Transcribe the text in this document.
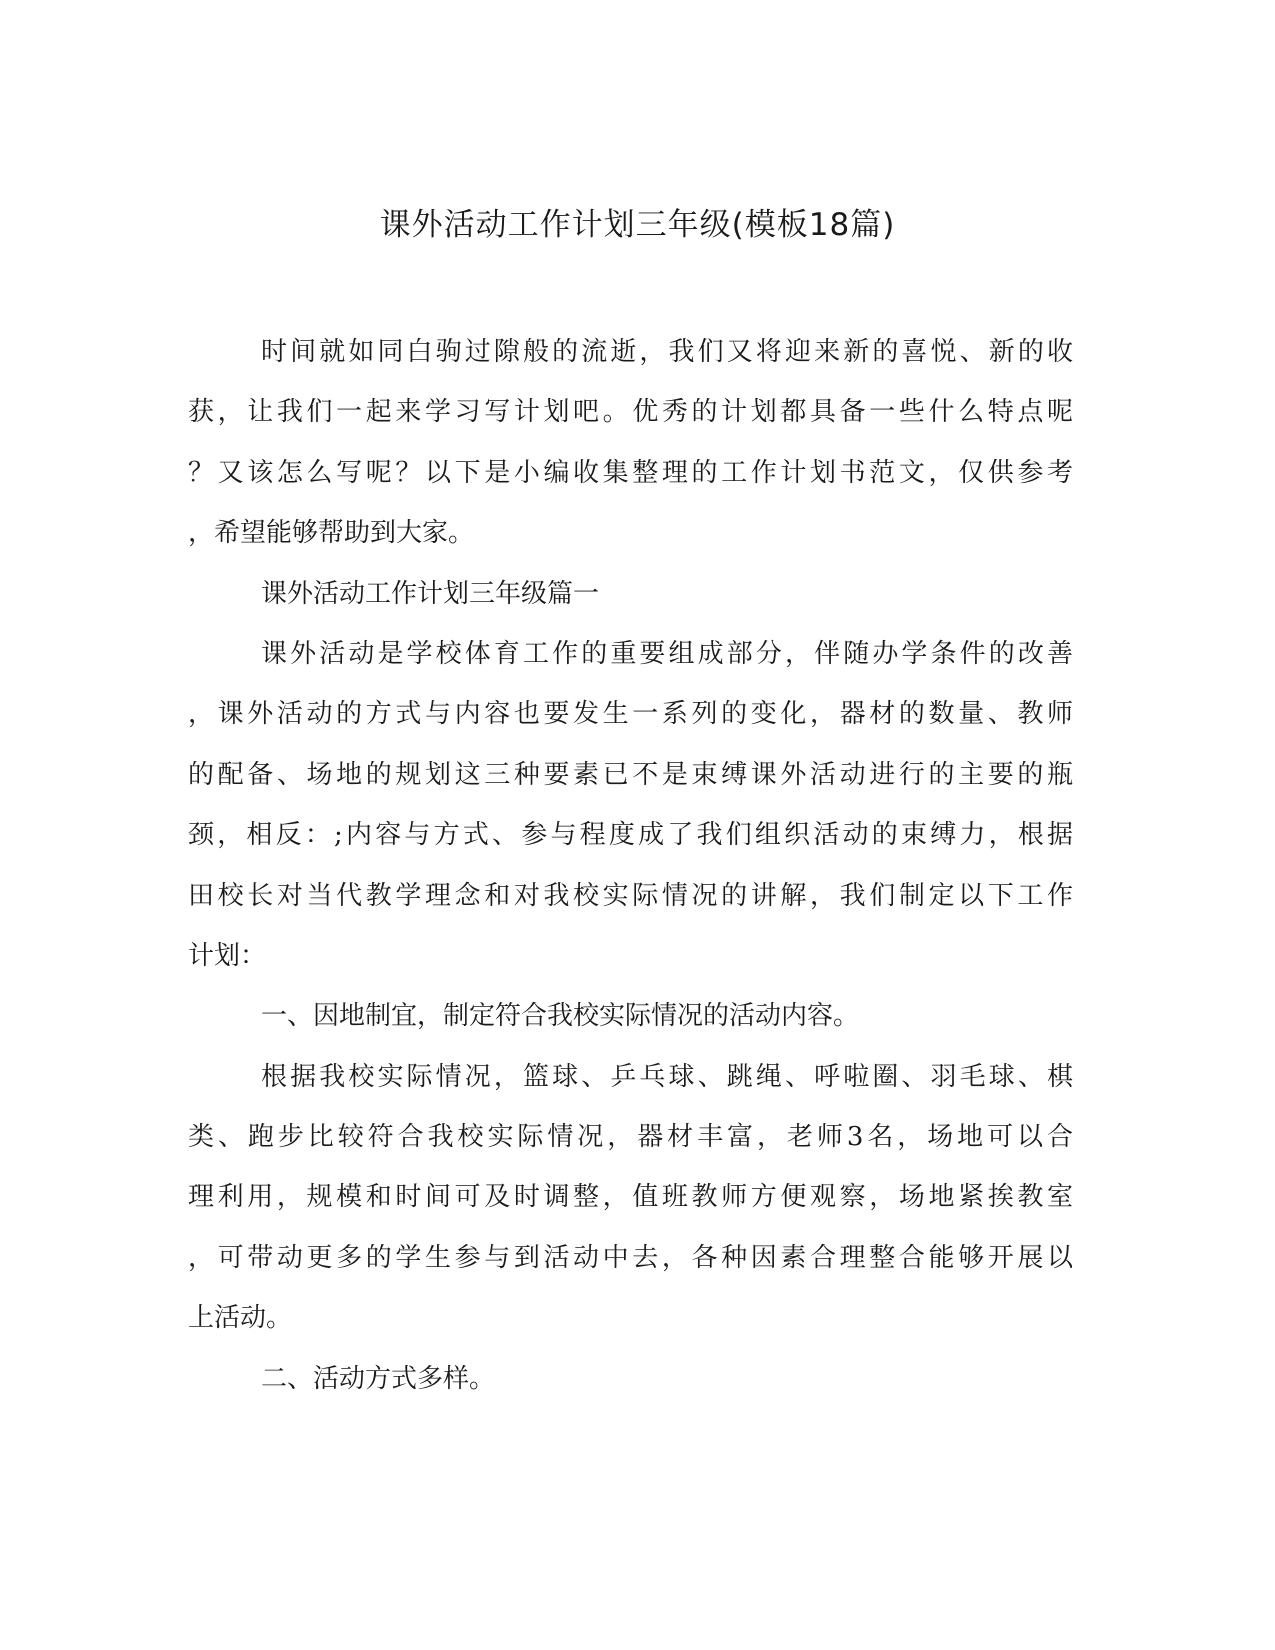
课外活动工作计划三年级(模板18篇)
时间就如同白驹过隙般的流逝，我们又将迎来新的喜悦、新的收
获，让我们一起来学习写计划吧。优秀的计划都具备一些什么特点呢
？又该怎么写呢？以下是小编收集整理的工作计划书范文，仅供参考
，希望能够帮助到大家。
课外活动工作计划三年级篇一
课外活动是学校体育工作的重要组成部分，伴随办学条件的改善
，课外活动的方式与内容也要发生一系列的变化，器材的数量、教师
的配备、场地的规划这三种要素已不是束缚课外活动进行的主要的瓶
颈，相反：;内容与方式、参与程度成了我们组织活动的束缚力，根据
田校长对当代教学理念和对我校实际情况的讲解，我们制定以下工作
计划：
一、因地制宜，制定符合我校实际情况的活动内容。
根据我校实际情况，篮球、乒乓球、跳绳、呼啦圈、羽毛球、棋
类、跑步比较符合我校实际情况，器材丰富，老师3名，场地可以合
理利用，规模和时间可及时调整，值班教师方便观察，场地紧挨教室
，可带动更多的学生参与到活动中去，各种因素合理整合能够开展以
上活动。
二、活动方式多样。
